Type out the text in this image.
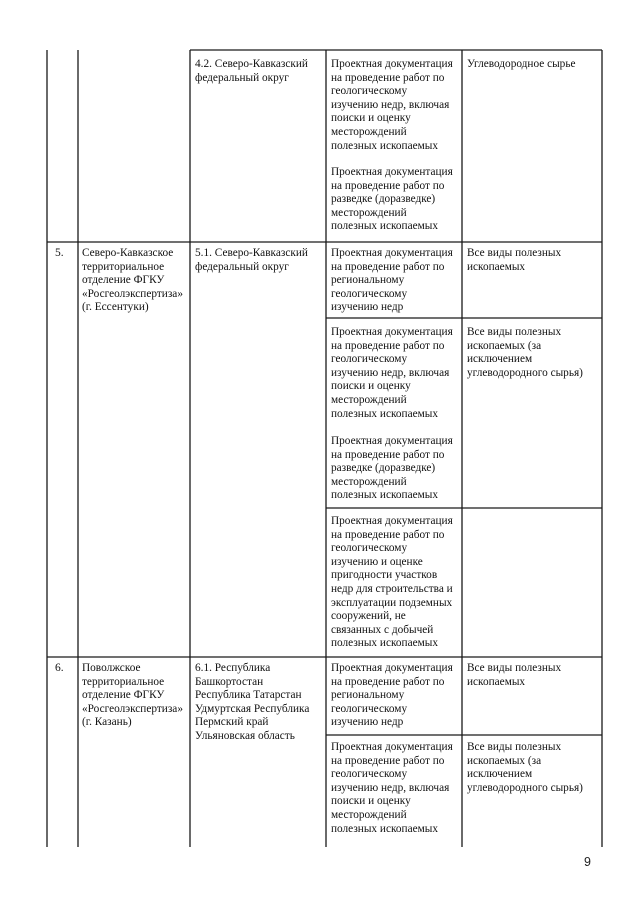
4.2. Северо-Кавказский
федеральный округ

Проектная документация
на проведение работ по
геологическому
изучению недр, включая
поиски и оценку
месторождений
полезных ископаемых

Проектная документация
на проведение работ по
разведке (доразведке)
месторождений
полезных ископаемых

Углеводородное сырье

5. Северо-Кавказское
территориальное
отделение ФГКУ
«Росгеолэкспертиза»
(г. Ессентуки)

5.1. Северо-Кавказский
федеральный округ

Проектная документация
на проведение работ по
региональному
геологическому
изучению недр

Все виды полезных
ископаемых

Проектная документация
на проведение работ по
геологическому
изучению недр, включая
поиски и оценку
месторождений
полезных ископаемых

Проектная документация
на проведение работ по
разведке (доразведке)
месторождений
полезных ископаемых

Все виды полезных
ископаемых (за
исключением
углеводородного сырья)

Проектная документация
на проведение работ по
геологическому
изучению и оценке
пригодности участков
недр для строительства и
эксплуатации подземных
сооружений, не
связанных с добычей
полезных ископаемых

6. Поволжское
территориальное
отделение ФГКУ
«Росгеолэкспертиза»
(г. Казань)

6.1. Республика
Башкортостан
Республика Татарстан
Удмуртская Республика
Пермский край
Ульяновская область

Проектная документация
на проведение работ по
региональному
геологическому
изучению недр

Все виды полезных
ископаемых

Проектная документация
на проведение работ по
геологическому
изучению недр, включая
поиски и оценку
месторождений
полезных ископаемых

Все виды полезных
ископаемых (за
исключением
углеводородного сырья)

9
